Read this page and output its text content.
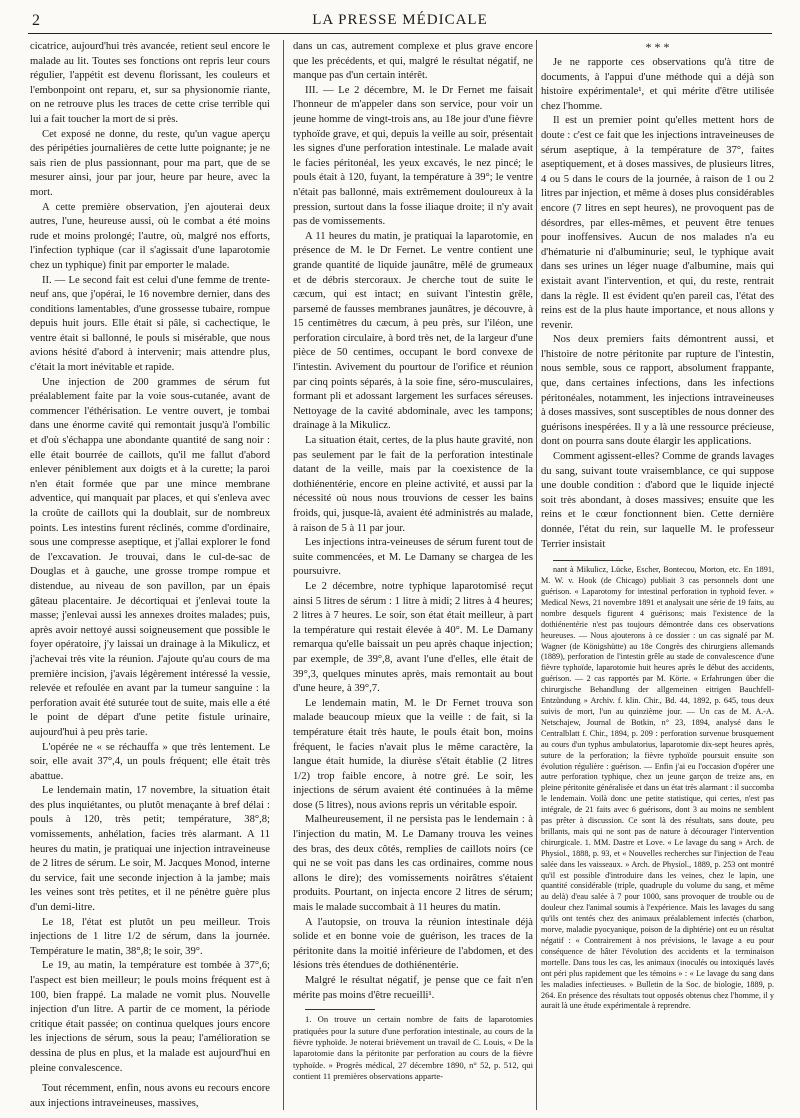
2	LA PRESSE MÉDICALE

cicatrice, aujourd'hui très avancée, retient seul encore le malade au lit. Toutes ses fonctions ont repris leur cours régulier, l'appétit est devenu florissant, les couleurs et l'embonpoint ont reparu, et, sur sa physionomie riante, on ne retrouve plus les traces de cette crise terrible qui lui a fait toucher la mort de si près.

Cet exposé ne donne, du reste, qu'un vague aperçu des péripéties journalières de cette lutte poignante; je ne sais rien de plus passionnant, pour ma part, que de se mesurer ainsi, jour par jour, heure par heure, avec la mort.

A cette première observation, j'en ajouterai deux autres, l'une, heureuse aussi, où le combat a été moins rude et moins prolongé; l'autre, où, malgré nos efforts, l'infection typhique (car il s'agissait d'une laparotomie chez un typhique) finit par emporter le malade.

II. — Le second fait est celui d'une femme de trente-neuf ans, que j'opérai, le 16 novembre dernier, dans des conditions lamentables, d'une grossesse tubaire, rompue depuis huit jours. Elle était si pâle, si cachectique, le ventre était si ballonné, le pouls si misérable, que nous avions hésité d'abord à intervenir; mais attendre plus, c'était la mort inévitable et rapide.

Une injection de 200 grammes de sérum fut préalablement faite par la voie sous-cutanée, avant de commencer l'éthérisation. Le ventre ouvert, je tombai dans une énorme cavité qui remontait jusqu'à l'ombilic et d'où s'échappa une abondante quantité de sang noir : elle était bourrée de caillots, qu'il me fallut d'abord enlever péniblement aux doigts et à la curette; la paroi n'en était formée que par une mince membrane adventice, qui manquait par places, et qui s'enleva avec la croûte de caillots qui la doublait, sur de nombreux points. Les intestins furent réclinés, comme d'ordinaire, sous une compresse aseptique, et j'allai explorer le fond de l'excavation. Je trouvai, dans le cul-de-sac de Douglas et à gauche, une grosse trompe rompue et distendue, au niveau de son pavillon, par un épais gâteau placentaire. Je décortiquai et j'enlevai toute la masse; j'enlevai aussi les annexes droites malades; puis, après avoir nettoyé aussi soigneusement que possible le foyer opératoire, j'y laissai un drainage à la Mikulicz, et j'achevai très vite la réunion. J'ajoute qu'au cours de ma première incision, j'avais légèrement intéressé la vessie, relevée et refoulée en avant par la tumeur sanguine : la perforation avait été suturée tout de suite, mais elle a été le point de départ d'une petite fistule urinaire, aujourd'hui à peu près tarie.

L'opérée ne « se réchauffa » que très lentement. Le soir, elle avait 37°,4, un pouls fréquent; elle était très abattue.

Le lendemain matin, 17 novembre, la situation était des plus inquiétantes, ou plutôt menaçante à bref délai : pouls à 120, très petit; température, 38°,8; vomissements, anhélation, facies très alarmant. A 11 heures du matin, je pratiquai une injection intraveineuse de 2 litres de sérum. Le soir, M. Jacques Monod, interne du service, fait une seconde injection à la jambe; mais les veines sont très petites, et il ne pénètre guère plus d'un demi-litre.

Le 18, l'état est plutôt un peu meilleur. Trois injections de 1 litre 1/2 de sérum, dans la journée. Température le matin, 38°,8; le soir, 39°.

Le 19, au matin, la température est tombée à 37°,6; l'aspect est bien meilleur; le pouls moins fréquent est à 100, bien frappé. La malade ne vomit plus. Nouvelle injection d'un litre. A partir de ce moment, la période critique était passée; on continua quelques jours encore les injections de sérum, sous la peau; l'amélioration se dessina de plus en plus, et la malade est aujourd'hui en pleine convalescence.

Tout récemment, enfin, nous avons eu recours encore aux injections intraveineuses, massives,

dans un cas, autrement complexe et plus grave encore que les précédents, et qui, malgré le résultat négatif, ne manque pas d'un certain intérêt.

III. — Le 2 décembre, M. le Dr Fernet me faisait l'honneur de m'appeler dans son service, pour voir un jeune homme de vingt-trois ans, au 18e jour d'une fièvre typhoïde grave, et qui, depuis la veille au soir, présentait les signes d'une perforation intestinale. Le malade avait le facies péritonéal, les yeux excavés, le nez pincé; le pouls était à 120, fuyant, la température à 39°; le ventre n'était pas ballonné, mais extrêmement douloureux à la pression, surtout dans la fosse iliaque droite; il n'y avait pas de vomissements.

A 11 heures du matin, je pratiquai la laparotomie, en présence de M. le Dr Fernet. Le ventre contient une grande quantité de liquide jaunâtre, mêlé de grumeaux et de débris stercoraux. Je cherche tout de suite le cæcum, qui est intact; en suivant l'intestin grêle, parsemé de fausses membranes jaunâtres, je découvre, à 15 centimètres du cæcum, à peu près, sur l'iléon, une perforation circulaire, à bord très net, de la largeur d'une pièce de 50 centimes, occupant le bord convexe de l'intestin. Avivement du pourtour de l'orifice et réunion par cinq points séparés, à la soie fine, séro-musculaires, formant pli et adossant largement les surfaces séreuses. Nettoyage de la cavité abdominale, avec les tampons; drainage à la Mikulicz.

La situation était, certes, de la plus haute gravité, non pas seulement par le fait de la perforation intestinale datant de la veille, mais par la coexistence de la dothiénentérie, encore en pleine activité, et aussi par la nécessité où nous nous trouvions de cesser les bains froids, qui, jusque-là, avaient été administrés au malade, à raison de 5 à 11 par jour.

Les injections intra-veineuses de sérum furent tout de suite commencées, et M. Le Damany se chargea de les poursuivre.

Le 2 décembre, notre typhique laparotomisé reçut ainsi 5 litres de sérum : 1 litre à midi; 2 litres à 4 heures; 2 litres à 7 heures. Le soir, son état était meilleur, à part la température qui restait élevée à 40°. M. Le Damany remarqua qu'elle baissait un peu après chaque injection; par exemple, de 39°,8, avant l'une d'elles, elle était de 39°,3, quelques minutes après, mais remontait au bout d'une heure, à 39°,7.

Le lendemain matin, M. le Dr Fernet trouva son malade beaucoup mieux que la veille : de fait, si la température était très haute, le pouls était bon, moins fréquent, le facies n'avait plus le même caractère, la langue était humide, la diurèse s'était établie (2 litres 1/2) trop faible encore, à notre gré. Le soir, les injections de sérum avaient été continuées à la même dose (5 litres), nous avions repris un véritable espoir.

Malheureusement, il ne persista pas le lendemain : à l'injection du matin, M. Le Damany trouva les veines des bras, des deux côtés, remplies de caillots noirs (ce qui ne se voit pas dans les cas ordinaires, comme nous allons le dire); des vomissements noirâtres s'étaient produits. Pourtant, on injecta encore 2 litres de sérum; mais le malade succombait à 11 heures du matin.

A l'autopsie, on trouva la réunion intestinale déjà solide et en bonne voie de guérison, les traces de la péritonite dans la moitié inférieure de l'abdomen, et des lésions très étendues de dothiénentérie.

Malgré le résultat négatif, je pense que ce fait n'en mérite pas moins d'être recueilli¹.

1. On trouve un certain nombre de faits de laparotomies pratiquées pour la suture d'une perforation intestinale, au cours de la fièvre typhoïde. Je noterai brièvement un travail de C. Louis, « De la laparotomie dans la péritonite par perforation au cours de la fièvre typhoïde. » Progrès médical, 27 décembre 1890, n° 52, p. 512, qui contient 11 premières observations apparte-

* * *

Je ne rapporte ces observations qu'à titre de documents, à l'appui d'une méthode qui a déjà son histoire expérimentale¹, et qui mérite d'être utilisée chez l'homme.

Il est un premier point qu'elles mettent hors de doute : c'est ce fait que les injections intraveineuses de sérum aseptique, à la température de 37°, faites aseptiquement, et à doses massives, de plusieurs litres, 4 ou 5 dans le cours de la journée, à raison de 1 ou 2 litres par injection, et même à doses plus considérables encore (7 litres en sept heures), ne provoquent pas de désordres, par elles-mêmes, et peuvent être tenues pour inoffensives. Aucun de nos malades n'a eu d'hématurie ni d'albuminurie; seul, le typhique avait dans ses urines un léger nuage d'albumine, mais qui existait avant l'intervention, et qui, du reste, rentrait dans la règle. Il est évident qu'en pareil cas, l'état des reins est de la plus haute importance, et nous allons y revenir.

Nos deux premiers faits démontrent aussi, et l'histoire de notre péritonite par rupture de l'intestin, nous semble, sous ce rapport, absolument frappante, que, dans certaines infections, dans les infections péritonéales, notamment, les injections intraveineuses à doses massives, sont susceptibles de nous donner des guérisons inespérées. Il y a là une ressource précieuse, dont on pourra sans doute élargir les applications.

Comment agissent-elles? Comme de grands lavages du sang, suivant toute vraisemblance, ce qui suppose une double condition : d'abord que le liquide injecté soit très abondant, à doses massives; ensuite que les reins et le cœur fonctionnent bien. Cette dernière donnée, l'état du rein, sur laquelle M. le professeur Terrier insistait

nant à Mikulicz, Lücke, Escher, Bontecou, Morton, etc. En 1891, M. W. v. Hook (de Chicago) publiait 3 cas personnels dont une guérison. « Laparotomy for intestinal perforation in typhoid fever. » Medical News, 21 novembre 1891 et analysait une série de 19 faits, au nombre desquels figurent 4 guérisons; mais l'existence de la dothiénentérie n'est pas toujours démontrée dans ces observations heureuses. — Nous ajouterons à ce dossier : un cas signalé par M. Wagner (de Königshütte) au 18e Congrès des chirurgiens allemands (1889), perforation de l'intestin grêle au stade de convalescence d'une fièvre typhoïde, laparotomie huit heures après le début des accidents, guérison. — 2 cas rapportés par M. Körte. « Erfahrungen über die chirurgische Behandlung der allgemeinen eitrigen Bauchfell-Entzündung » Archiv. f. klin. Chir., Bd. 44, 1892, p. 645, tous deux suivis de mort, l'un au quinzième jour. — Un cas de M. A.-A. Netschajew, Journal de Botkin, n° 23, 1894, analysé dans le Centralblatt f. Chir., 1894, p. 209 : perforation survenue brusquement au cours d'un typhus ambulatorius, laparotomie dix-sept heures après, suture de la perforation; la fièvre typhoïde poursuit ensuite son évolution régulière : guérison. — Enfin j'ai eu l'occasion d'opérer une autre perforation typhique, chez un jeune garçon de treize ans, en pleine péritonite généralisée et dans un état très alarmant : il succomba le lendemain. Voilà donc une petite statistique, qui certes, n'est pas intégrale, de 21 faits avec 6 guérisons, dont 3 au moins ne semblent pas prêter à discussion. Ce sont là des résultats, sans doute, peu brillants, mais qui ne sont pas de nature à décourager l'intervention chirurgicale. 1. MM. Dastre et Love. « Le lavage du sang » Arch. de Physiol., 1888, p. 93, et « Nouvelles recherches sur l'injection de l'eau salée dans les vaisseaux. » Arch. de Physiol., 1889, p. 253 ont montré qu'il est possible d'introduire dans les veines, chez le lapin, une quantité considérable (triple, quadruple du volume du sang, et même au delà) d'eau salée à 7 pour 1000, sans provoquer de trouble ou de douleur chez l'animal soumis à l'expérience. Mais les lavages du sang qu'ils ont tentés chez des animaux préalablement infectés (charbon, morve, maladie pyocyanique, poison de la diphtérie) ont eu un résultat négatif : « Contrairement à nos prévisions, le lavage a eu pour conséquence de hâter l'évolution des accidents et la terminaison mortelle. Dans tous les cas, les animaux (inoculés ou intoxiqués lavés ont péri plus rapidement que les témoins » : « Le lavage du sang dans les maladies infectieuses. » Bulletin de la Soc. de biologie, 1889, p. 264. En présence des résultats tout opposés obtenus chez l'homme, il y aurait là une étude expérimentale à reprendre.
